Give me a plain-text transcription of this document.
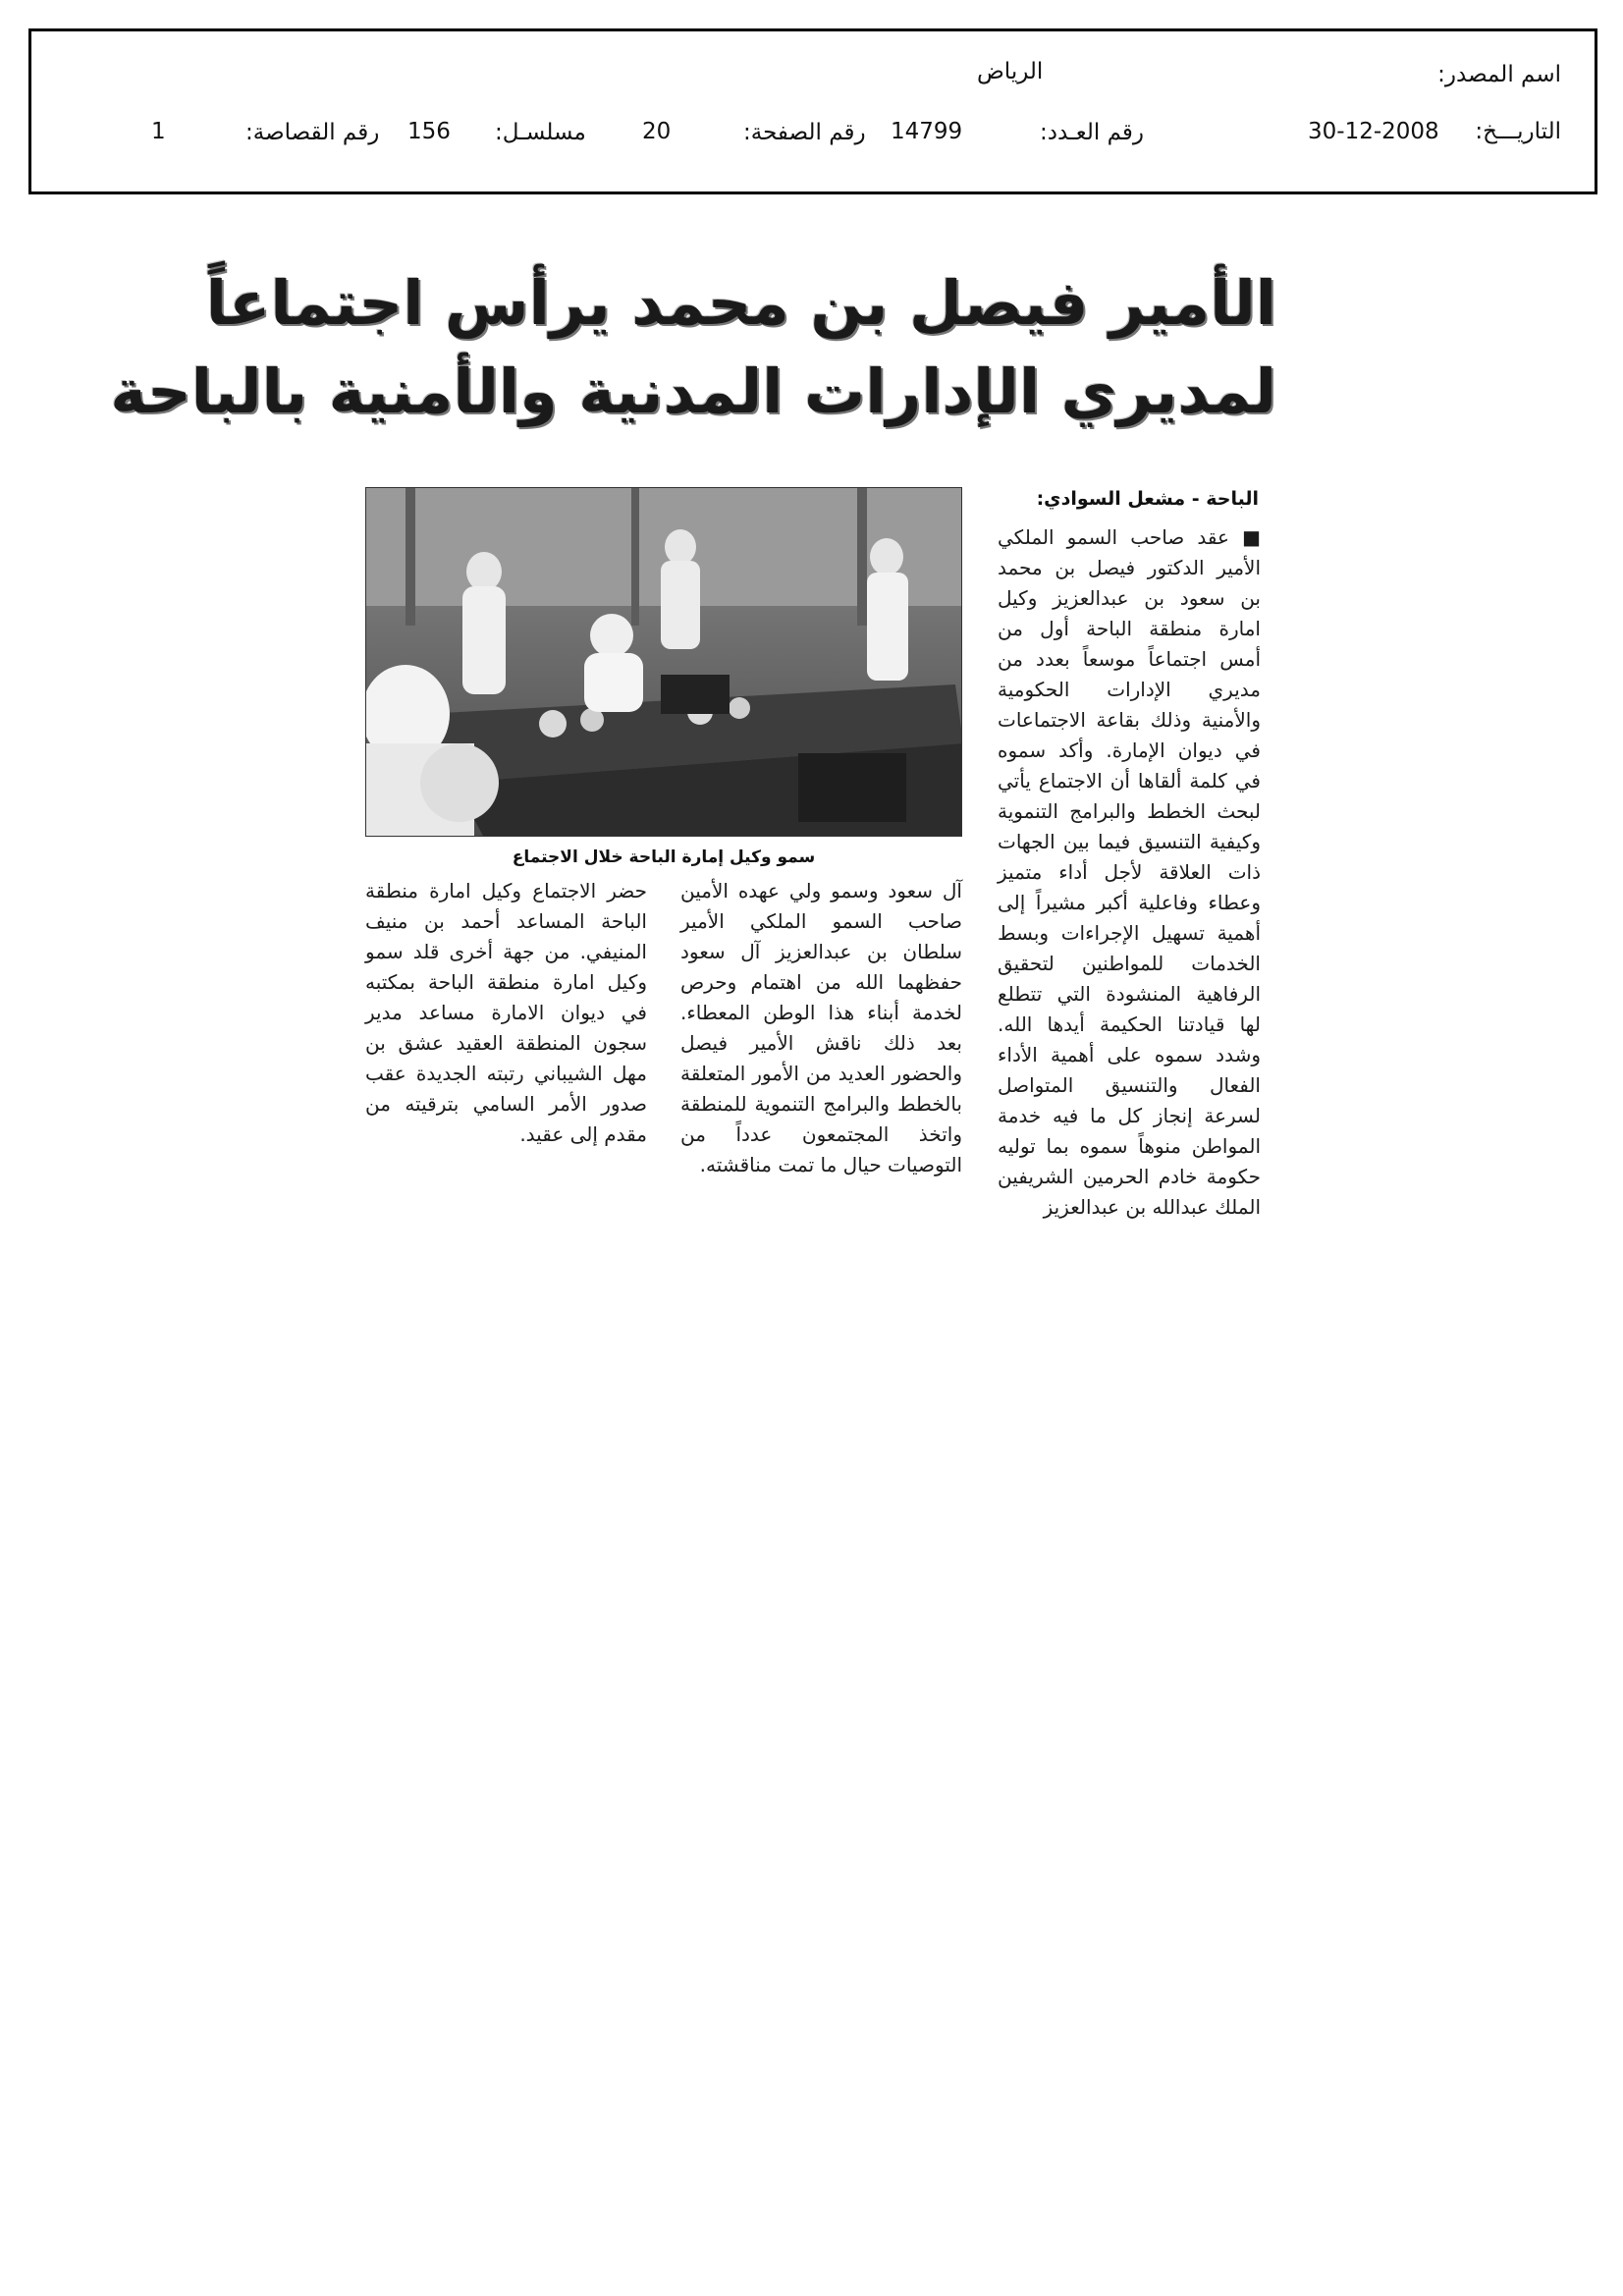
اسم المصدر:
الرياض
التاريـــخ:
30-12-2008
رقم العـدد:
14799
رقم الصفحة:
20
مسلسـل:
156
رقم القصاصة:
1
الأمير فيصل بن محمد يرأس اجتماعاً
لمديري الإدارات المدنية والأمنية بالباحة
الباحة - مشعل السوادي:

■ عقد صاحب السمو الملكي الأمير الدكتور فيصل بن محمد بن سعود بن عبدالعزيز وكيل امارة منطقة الباحة أول من أمس اجتماعاً موسعاً بعدد من مديري الإدارات الحكومية والأمنية وذلك بقاعة الاجتماعات في ديوان الإمارة. وأكد سموه في كلمة ألقاها أن الاجتماع يأتي لبحث الخطط والبرامج التنموية وكيفية التنسيق فيما بين الجهات ذات العلاقة لأجل أداء متميز وعطاء وفاعلية أكبر مشيراً إلى أهمية تسهيل الإجراءات وبسط الخدمات للمواطنين لتحقيق الرفاهية المنشودة التي تتطلع لها قيادتنا الحكيمة أيدها الله. وشدد سموه على أهمية الأداء الفعال والتنسيق المتواصل لسرعة إنجاز كل ما فيه خدمة المواطن منوهاً سموه بما توليه حكومة خادم الحرمين الشريفين الملك عبدالله بن عبدالعزيز

سمو وكيل إمارة الباحة خلال الاجتماع

آل سعود وسمو ولي عهده الأمين صاحب السمو الملكي الأمير سلطان بن عبدالعزيز آل سعود حفظهما الله من اهتمام وحرص لخدمة أبناء هذا الوطن المعطاء. بعد ذلك ناقش الأمير فيصل والحضور العديد من الأمور المتعلقة بالخطط والبرامج التنموية للمنطقة واتخذ المجتمعون عدداً من التوصيات حيال ما تمت مناقشته.

حضر الاجتماع وكيل امارة منطقة الباحة المساعد أحمد بن منيف المنيفي. من جهة أخرى قلد سمو وكيل امارة منطقة الباحة بمكتبه في ديوان الامارة مساعد مدير سجون المنطقة العقيد عشق بن مهل الشيباني رتبته الجديدة عقب صدور الأمر السامي بترقيته من مقدم إلى عقيد.
